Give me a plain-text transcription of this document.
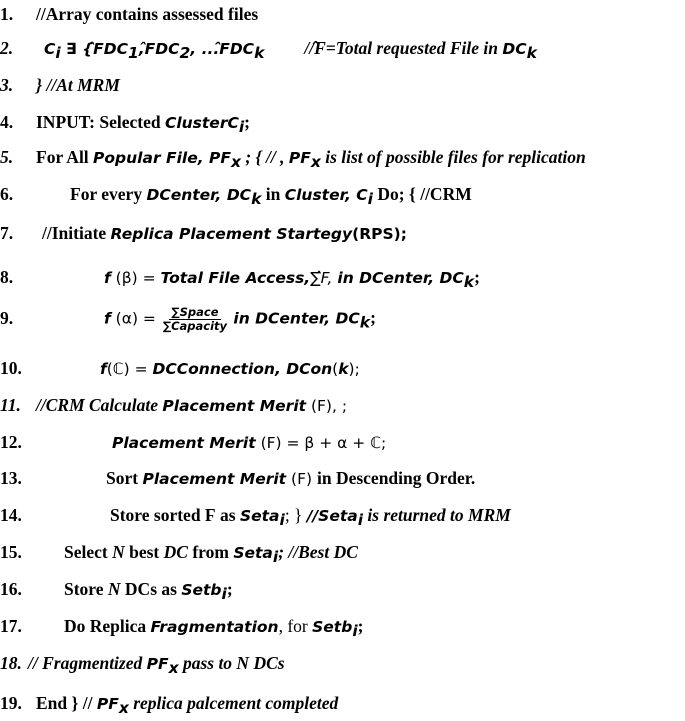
1. //Array contains assessed files
2. $C_i$ ∃ {$̂FDC_1,̂FDC_2$, $...̂FDC_k$ //̂F=Total requested File in $DC_k$
3. } //At MRM
4. INPUT: Selected ClusterC$_i$;
5. For All Popular File, $PF_x$ ; { // , $PF_x$ is list of possible files for replication
6.	For every DCenter, $DC_k$ in Cluster, $C_i$ Do; { //CRM
7. //Initiate Replica Placement Startegy(RPS);
8.	f (β) = Total File Access,∑̂F, in DCenter, $DC_k$;
9.	f $(\alpha) = \frac{\text{∑Space}}{\text{∑Capacity}}$ in DCenter, $DC_k$;
10.	f(ℂ) = DCConnection, DCon(k);
11. //CRM Calculate Placement Merit (Ϝ), ;
12.	Placement Merit (Ϝ) = β + α + ℂ;
13.	Sort Placement Merit (Ϝ) in Descending Order.
14.	Store sorted Ϝ as Seta$_i$; } //Seta$_i$ is returned to MRM
15. Select N best DC from Seta$_i$; //Best DC
16. Store N DCs as Setb$_i$;
17. Do Replica Fragmentation, for Setb$_i$;
18. // Fragmentized $PF_x$ pass to N DCs
19. End } // $PF_x$ replica palcement completed
